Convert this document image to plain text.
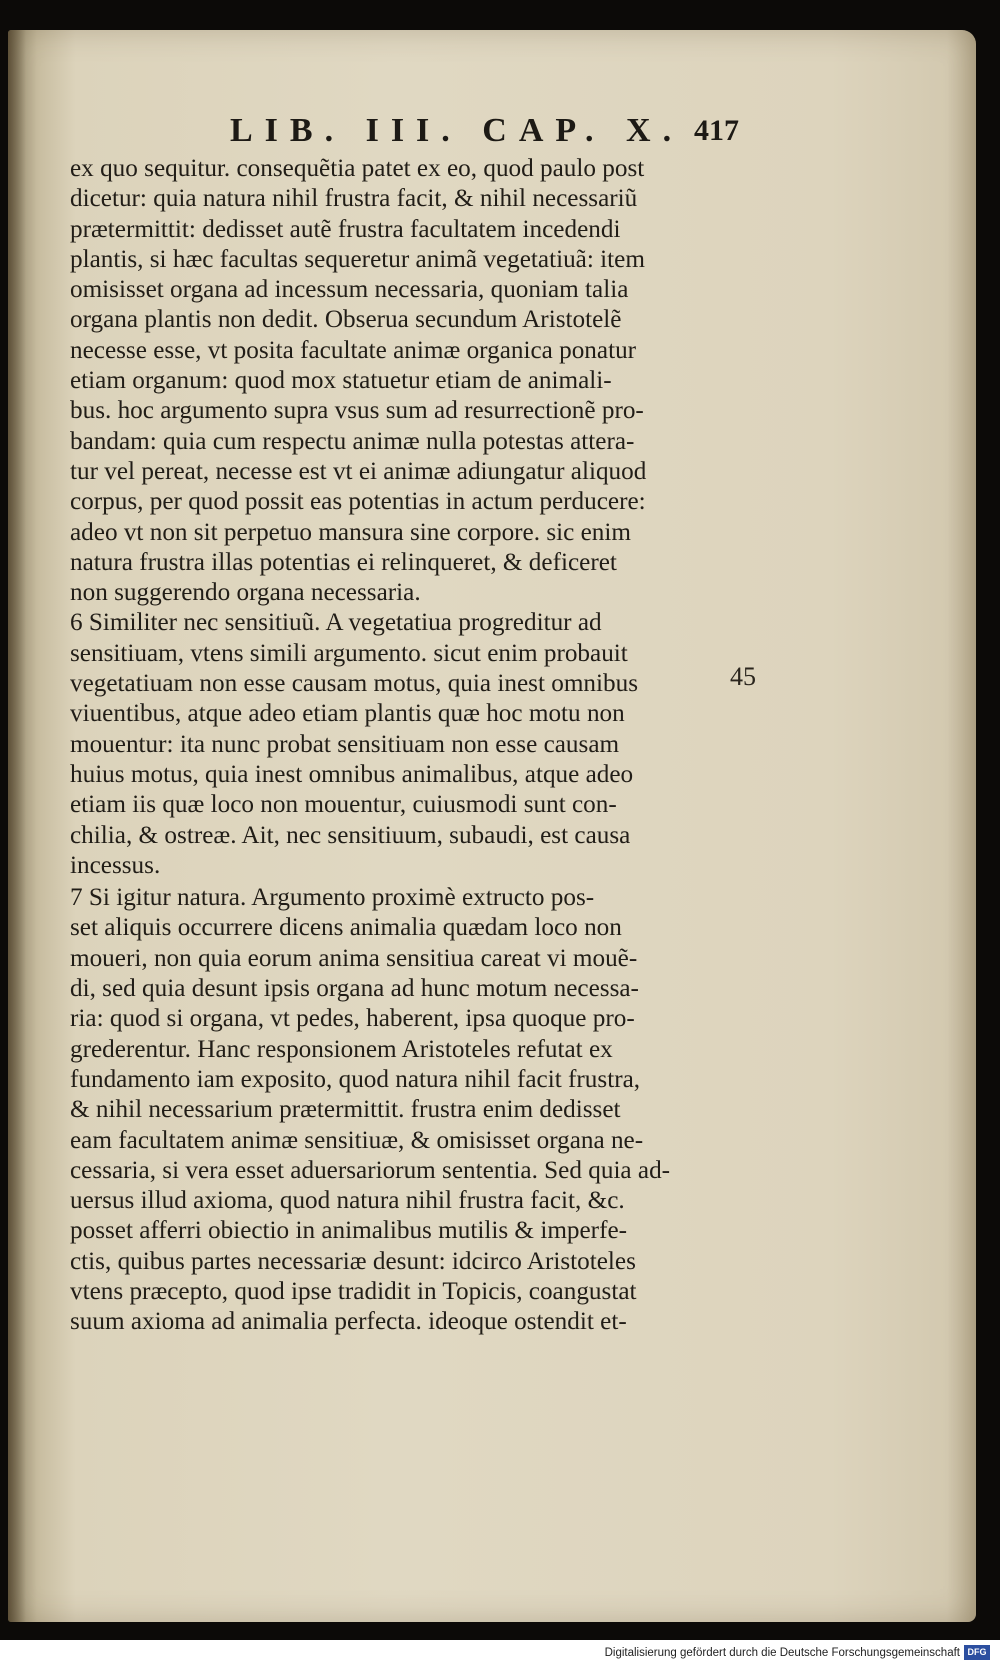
LIB. III. CAP. X. 417
ex quo sequitur. consequẽtia patet ex eo, quod paulo post
dicetur: quia natura nihil frustra facit, & nihil necessariũ
prætermittit: dedisset autẽ frustra facultatem incedendi
plantis, si hæc facultas sequeretur animã vegetatiuã: item
omisisset organa ad incessum necessaria, quoniam talia
organa plantis non dedit. Obserua secundum Aristotelẽ
necesse esse, vt posita facultate animæ organica ponatur
etiam organum: quod mox statuetur etiam de animali-
bus. hoc argumento supra vsus sum ad resurrectionẽ pro-
bandam: quia cum respectu animæ nulla potestas attera-
tur vel pereat, necesse est vt ei animæ adiungatur aliquod
corpus, per quod possit eas potentias in actum perducere:
adeo vt non sit perpetuo mansura sine corpore. sic enim
natura frustra illas potentias ei relinqueret, & deficeret
non suggerendo organa necessaria.
6 Similiter nec sensitiuũ. A vegetatiua progreditur ad
sensitiuam, vtens simili argumento. sicut enim probauit
vegetatiuam non esse causam motus, quia inest omnibus
viuentibus, atque adeo etiam plantis quæ hoc motu non
mouentur: ita nunc probat sensitiuam non esse causam
huius motus, quia inest omnibus animalibus, atque adeo
etiam iis quæ loco non mouentur, cuiusmodi sunt con-
chilia, & ostreæ. Ait, nec sensitiuum, subaudi, est causa
incessus.
7 Si igitur natura. Argumento proximè extructo pos-
set aliquis occurrere dicens animalia quædam loco non
moueri, non quia eorum anima sensitiua careat vi mouẽ-
di, sed quia desunt ipsis organa ad hunc motum necessa-
ria: quod si organa, vt pedes, haberent, ipsa quoque pro-
grederentur. Hanc responsionem Aristoteles refutat ex
fundamento iam exposito, quod natura nihil facit frustra,
& nihil necessarium prætermittit. frustra enim dedisset
eam facultatem animæ sensitiuæ, & omisisset organa ne-
cessaria, si vera esset aduersariorum sententia. Sed quia ad-
uersus illud axioma, quod natura nihil frustra facit, &c.
posset afferri obiectio in animalibus mutilis & imperfe-
ctis, quibus partes necessariæ desunt: idcirco Aristoteles
vtens præcepto, quod ipse tradidit in Topicis, coangustat
suum axioma ad animalia perfecta. ideoque ostendit et-
45
Digitalisierung gefördert durch die Deutsche Forschungsgemeinschaft DFG
